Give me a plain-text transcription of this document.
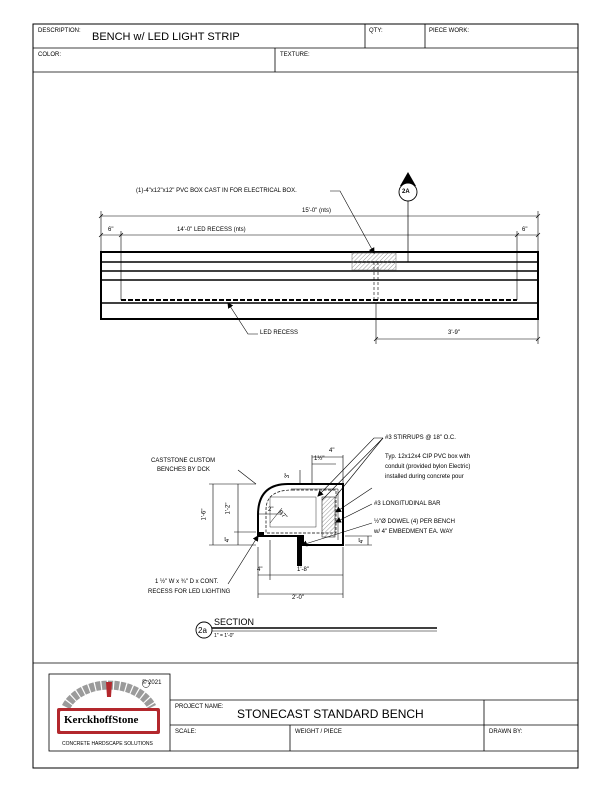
DESCRIPTION: BENCH w/ LED LIGHT STRIP	QTY:	PIECE WORK:
COLOR:	TEXTURE:
(1)-4"x12"x12" PVC BOX CAST IN FOR ELECTRICAL BOX.	2A
15'-0" (nts)
14'-0" LED RECESS (nts)
6"	6"
LED RECESS	3'-9"
CASTSTONE CUSTOM
BENCHES BY DCK
#3 STIRRUPS @ 18" O.C.
Typ. 12x12x4 CIP PVC box with
conduit (provided bylon Electric)
installed during concrete pour
#3 LONGITUDINAL BAR
½"Ø DOWEL (4) PER BENCH
w/ 4" EMBEDMENT EA. WAY
1 ½" W x ¾" D x CONT.
RECESS FOR LED LIGHTING
4"
1½"
3"
2" R7"
1'-6"
1'-2"
4"	4"
4"	1'-8"
2'-0"
2a
SECTION
1" = 1'-0"
© 2021
KerckhoffStone
CONCRETE HARDSCAPE SOLUTIONS
PROJECT NAME: STONECAST STANDARD BENCH
SCALE:	WEIGHT / PIECE	DRAWN BY:
